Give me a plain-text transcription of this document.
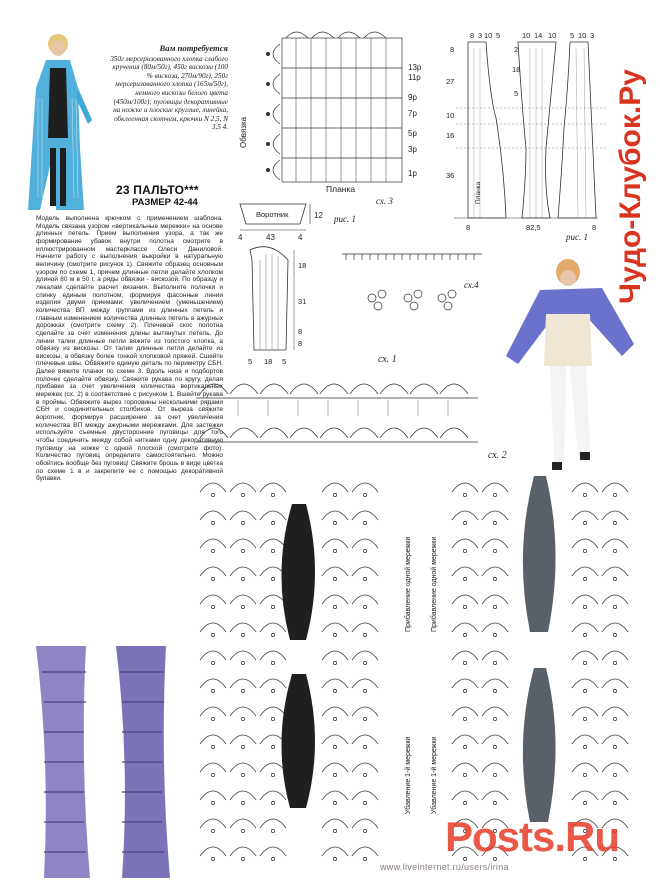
Вам потребуется
350г мерсеризованного хлопка слабого кручения (80м/50г), 450г вискозы (100 % вискоза, 270м/90г), 250г мерсеризованного хлопка (165м/50г), немного вискозы белого цвета (450м/100г); пуговицы декоративные на ножке и плоские круглые, линейка, обклеенная скотчем, крючки N 2,5, N 3,5 4.
23 ПАЛЬТО***
РАЗМЕР 42-44
Модель выполнена крючком с применением шаблона. Модель связана узором «вертикальные мережки» на основе длинных петель. Прием выполнения узора, а так же формирование убавок внутри полотна смотрите в иллюстрированном мастерклассе Олеси Даниловой. Начните работу с выполнения выкройки в натуральную величину (смотрите рисунок 1). Свяжите образец основным узором по схеме 1, причем длинные петли делайте хлопком длиной 80 м в 50 г, а ряды обвязки - вискозой. По образцу и лекалам сделайте расчет вязания. Выполните полочки и спинку единым полотном, формируя фасонные линии изделия двумя приемами: увеличением (уменьшением) количества ВП между группами из длинных петель и главным изменением количества длинных петель в ажурных дорожках (смотрите схему 2). Плечевой скос полотна сделайте за счет изменения длины вытянутых петель. До линии талии длинные петли вяжите из толстого хлопка, а обвязку из вискозы. От талии длинные петли делайте из вискозы, а обвязку более тонкой хлопковой пряжей. Сшейте плечевые швы. Обвяжите единую деталь по периметру СБН. Далее вяжите планки по схеме 3. Вдоль низа и подбортов полочек сделайте обвязку. Свяжите рукава по кругу, делая прибавки за счет увеличения количества вертикальных мережек (сх. 2) в соответствие с рисунком 1. Вшейте рукава в проймы. Обвяжите вырез горловины несколькими рядами СБН и соединительных столбиков. От выреза свяжите воротник, формируя расширение за счет увеличения количества ВП между ажурными мережками. Для застежки используйте съемные двусторонние пуговицы для того чтобы соединить между собой нитками одну декоративную пуговицу на ножке с одной плоской (смотрите фото). Количество пуговиц определите самостоятельно. Можно обойтись вообще без пуговиц! Свяжите брошь в виде цветка по схеме 1 в и закрепите ее с помощью декоративной булавки.
13р
11р
9р
7р
5р
3р
1р
Планка
сх. 3
Обвязка
Воротник
4	43	4
12 рис. 1
18
31
8
8
5 18 5
8 3 10 5	10 14 10 5 10 3
8
27
10
16
36
2
18
5
8	82,5	8
Планка
рис. 1 Чудо-Клубок.Ру
сх.4
сх. 1
сх. 2
Прибавление одной мережки	Прибавление одной мережки
Убавление 1-й мережки	Убавление 1-й мережки
Posts.Ru
www.liveinternet.ru/users/irina
